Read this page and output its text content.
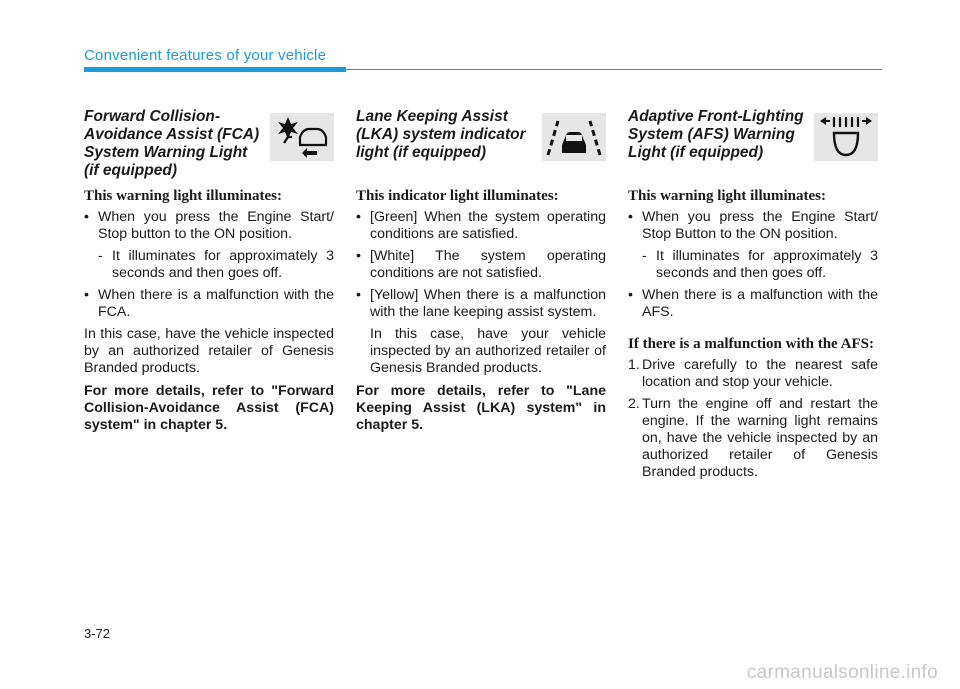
Convenient features of your vehicle
Forward Collision-Avoidance Assist (FCA) System Warning Light (if equipped)
This warning light illuminates:
• When you press the Engine Start/ Stop button to the ON position.
- It illuminates for approximately 3 seconds and then goes off.
• When there is a malfunction with the FCA.
In this case, have the vehicle inspected by an authorized retailer of Genesis Branded products.
For more details, refer to "Forward Collision-Avoidance Assist (FCA) system" in chapter 5.
Lane Keeping Assist (LKA) system indicator light (if equipped)
This indicator light illuminates:
• [Green] When the system operating conditions are satisfied.
• [White] The system operating conditions are not satisfied.
• [Yellow] When there is a malfunction with the lane keeping assist system.
In this case, have your vehicle inspected by an authorized retailer of Genesis Branded products.
For more details, refer to "Lane Keeping Assist (LKA) system" in chapter 5.
Adaptive Front-Lighting System (AFS) Warning Light (if equipped)
This warning light illuminates:
• When you press the Engine Start/ Stop Button to the ON position.
- It illuminates for approximately 3 seconds and then goes off.
• When there is a malfunction with the AFS.
If there is a malfunction with the AFS:
1. Drive carefully to the nearest safe location and stop your vehicle.
2. Turn the engine off and restart the engine. If the warning light remains on, have the vehicle inspected by an authorized retailer of Genesis Branded products.
3-72
carmanualsonline.info
